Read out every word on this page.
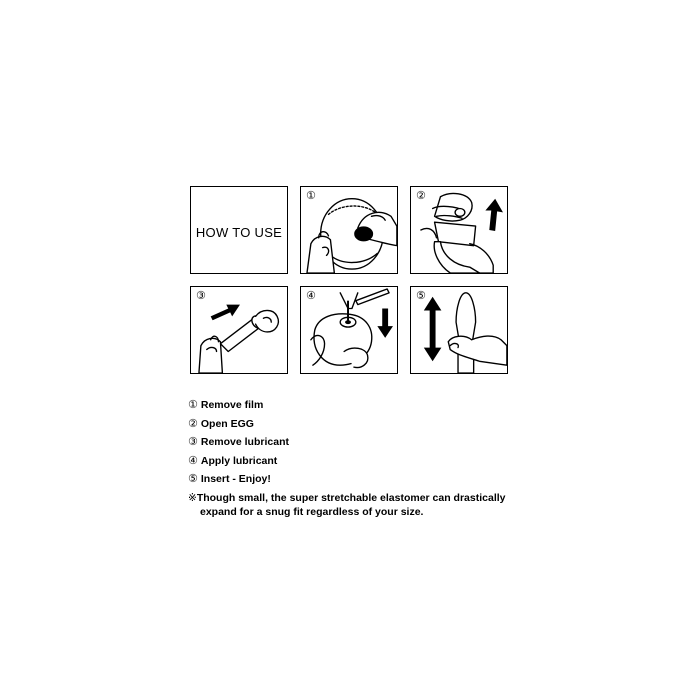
HOW TO USE
①	②
③	④	⑤
① Remove film
② Open EGG
③ Remove lubricant
④ Apply lubricant
⑤ Insert - Enjoy!
※Though small, the super stretchable elastomer can drastically
expand for a snug fit regardless of your size.
